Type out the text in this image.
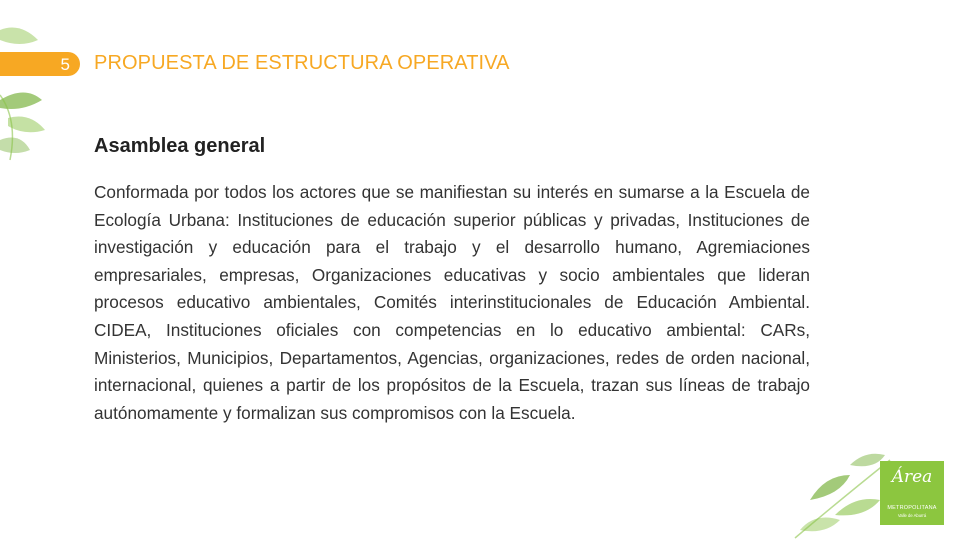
5 PROPUESTA DE ESTRUCTURA OPERATIVA
Asamblea general

Conformada por todos los actores que se manifiestan su interés en sumarse a la Escuela de Ecología Urbana: Instituciones de educación superior públicas y privadas, Instituciones de investigación y educación para el trabajo y el desarrollo humano, Agremiaciones empresariales, empresas, Organizaciones educativas y socio ambientales que lideran procesos educativo ambientales, Comités interinstitucionales de Educación Ambiental. CIDEA, Instituciones oficiales con competencias en lo educativo ambiental: CARs, Ministerios, Municipios, Departamentos, Agencias, organizaciones, redes de orden nacional, internacional, quienes a partir de los propósitos de la Escuela, trazan sus líneas de trabajo autónomamente y formalizan sus compromisos con la Escuela.

Área
METROPOLITANA
Valle de Aburrá
